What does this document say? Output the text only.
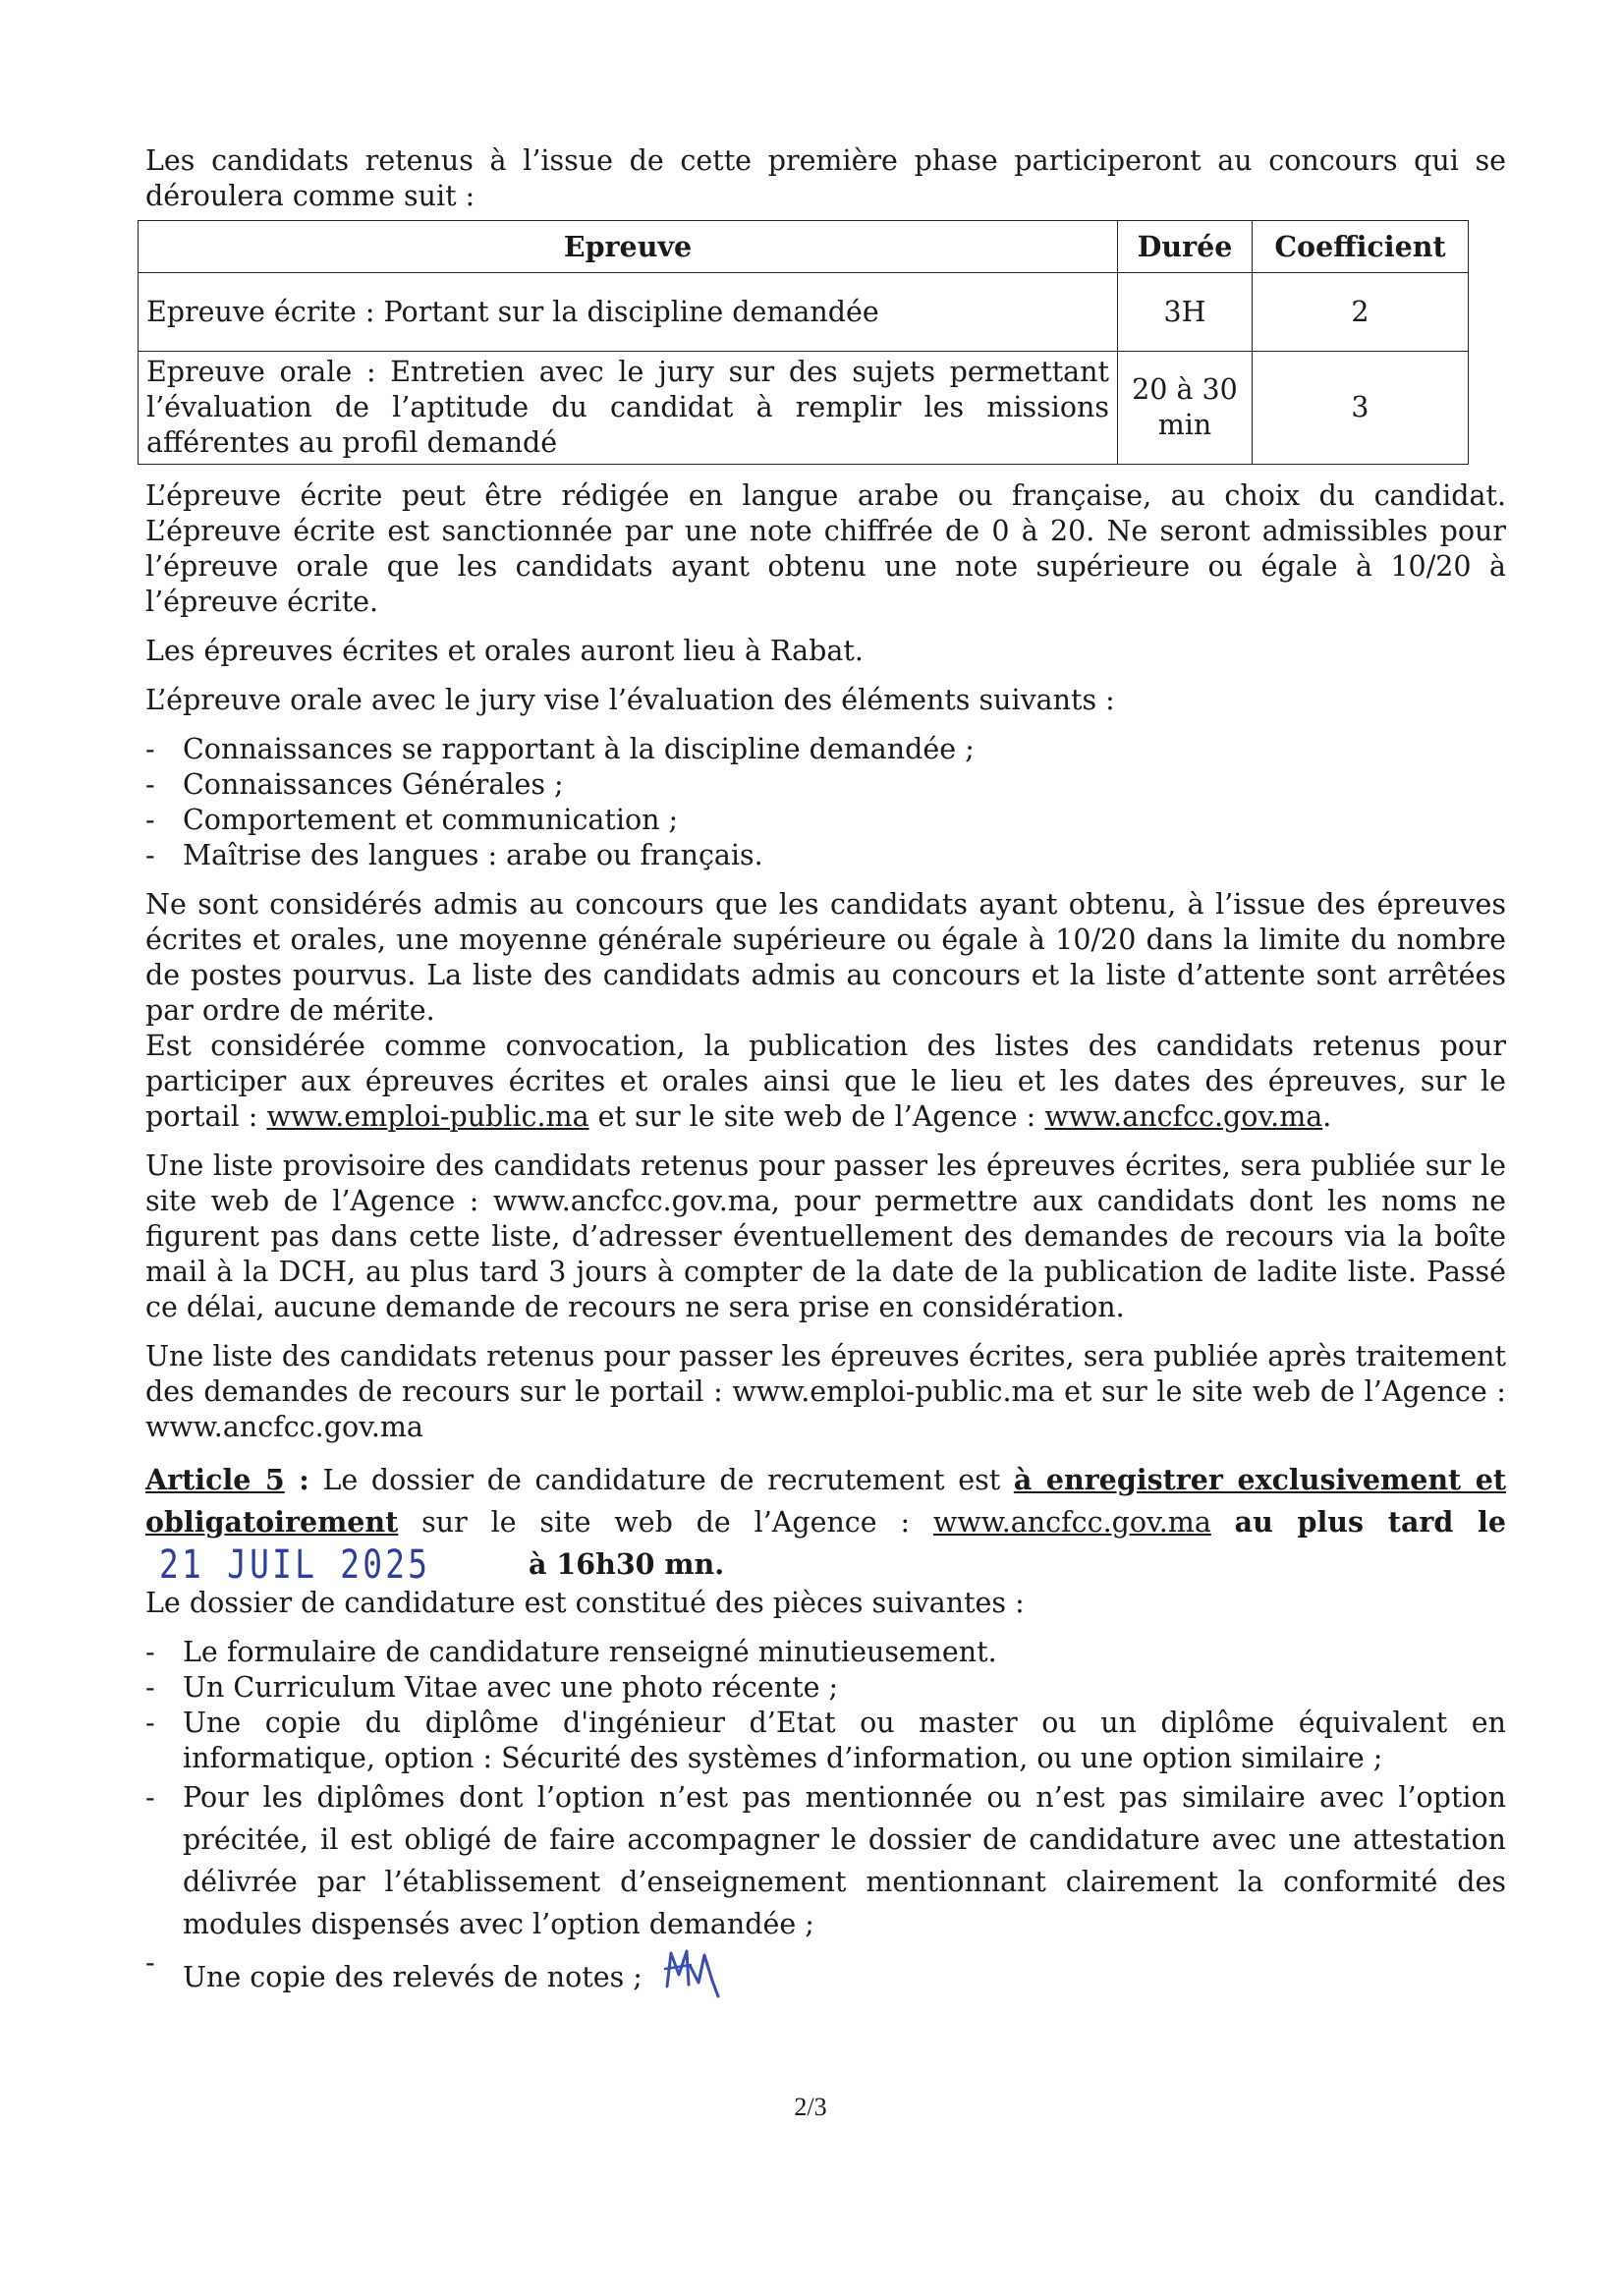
Les candidats retenus à l’issue de cette première phase participeront au concours qui se déroulera comme suit :

Epreuve	Durée	Coefficient
Epreuve écrite : Portant sur la discipline demandée	3H	2
Epreuve orale : Entretien avec le jury sur des sujets permettant l’évaluation de l’aptitude du candidat à remplir les missions afférentes au profil demandé	20 à 30 min	3

L’épreuve écrite peut être rédigée en langue arabe ou française, au choix du candidat. L’épreuve écrite est sanctionnée par une note chiffrée de 0 à 20. Ne seront admissibles pour l’épreuve orale que les candidats ayant obtenu une note supérieure ou égale à 10/20 à l’épreuve écrite.

Les épreuves écrites et orales auront lieu à Rabat.

L’épreuve orale avec le jury vise l’évaluation des éléments suivants :

- Connaissances se rapportant à la discipline demandée ;
- Connaissances Générales ;
- Comportement et communication ;
- Maîtrise des langues : arabe ou français.

Ne sont considérés admis au concours que les candidats ayant obtenu, à l’issue des épreuves écrites et orales, une moyenne générale supérieure ou égale à 10/20 dans la limite du nombre de postes pourvus. La liste des candidats admis au concours et la liste d’attente sont arrêtées par ordre de mérite.

Est considérée comme convocation, la publication des listes des candidats retenus pour participer aux épreuves écrites et orales ainsi que le lieu et les dates des épreuves, sur le portail : www.emploi-public.ma et sur le site web de l’Agence : www.ancfcc.gov.ma.

Une liste provisoire des candidats retenus pour passer les épreuves écrites, sera publiée sur le site web de l’Agence : www.ancfcc.gov.ma, pour permettre aux candidats dont les noms ne figurent pas dans cette liste, d’adresser éventuellement des demandes de recours via la boîte mail à la DCH, au plus tard 3 jours à compter de la date de la publication de ladite liste. Passé ce délai, aucune demande de recours ne sera prise en considération.

Une liste des candidats retenus pour passer les épreuves écrites, sera publiée après traitement des demandes de recours sur le portail : www.emploi-public.ma et sur le site web de l’Agence : www.ancfcc.gov.ma

Article 5 : Le dossier de candidature de recrutement est à enregistrer exclusivement et obligatoirement sur le site web de l’Agence : www.ancfcc.gov.ma au plus tard le 21 JUIL 2025	à 16h30 mn.

Le dossier de candidature est constitué des pièces suivantes :

- Le formulaire de candidature renseigné minutieusement.
- Un Curriculum Vitae avec une photo récente ;
- Une copie du diplôme d'ingénieur d’Etat ou master ou un diplôme équivalent en informatique, option : Sécurité des systèmes d’information, ou une option similaire ;
- Pour les diplômes dont l’option n’est pas mentionnée ou n’est pas similaire avec l’option précitée, il est obligé de faire accompagner le dossier de candidature avec une attestation délivrée par l’établissement d’enseignement mentionnant clairement la conformité des modules dispensés avec l’option demandée ;
- Une copie des relevés de notes ;
2/3
